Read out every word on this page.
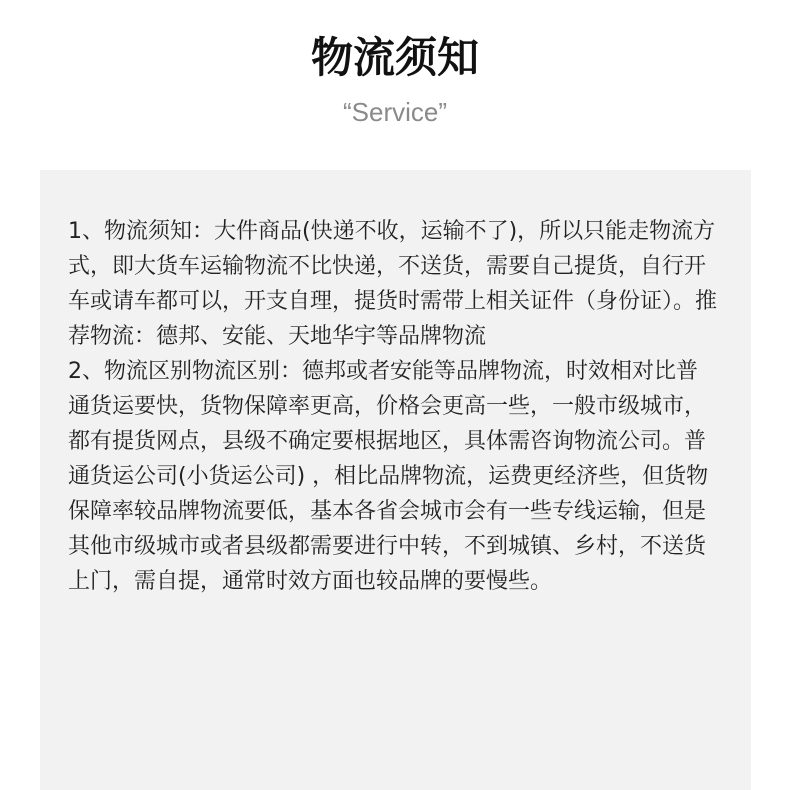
物流须知
“Service”

1、物流须知：大件商品(快递不收，运输不了)，所以只能走物流方式，即大货车运输物流不比快递，不送货，需要自己提货，自行开车或请车都可以，开支自理，提货时需带上相关证件（身份证）。推荐物流：德邦、安能、天地华宇等品牌物流

2、物流区别物流区别：德邦或者安能等品牌物流，时效相对比普通货运要快，货物保障率更高，价格会更高一些，一般市级城市，都有提货网点，县级不确定要根据地区，具体需咨询物流公司。普通货运公司(小货运公司) ，相比品牌物流，运费更经济些，但货物保障率较品牌物流要低，基本各省会城市会有一些专线运输，但是其他市级城市或者县级都需要进行中转，不到城镇、乡村，不送货上门，需自提，通常时效方面也较品牌的要慢些。
